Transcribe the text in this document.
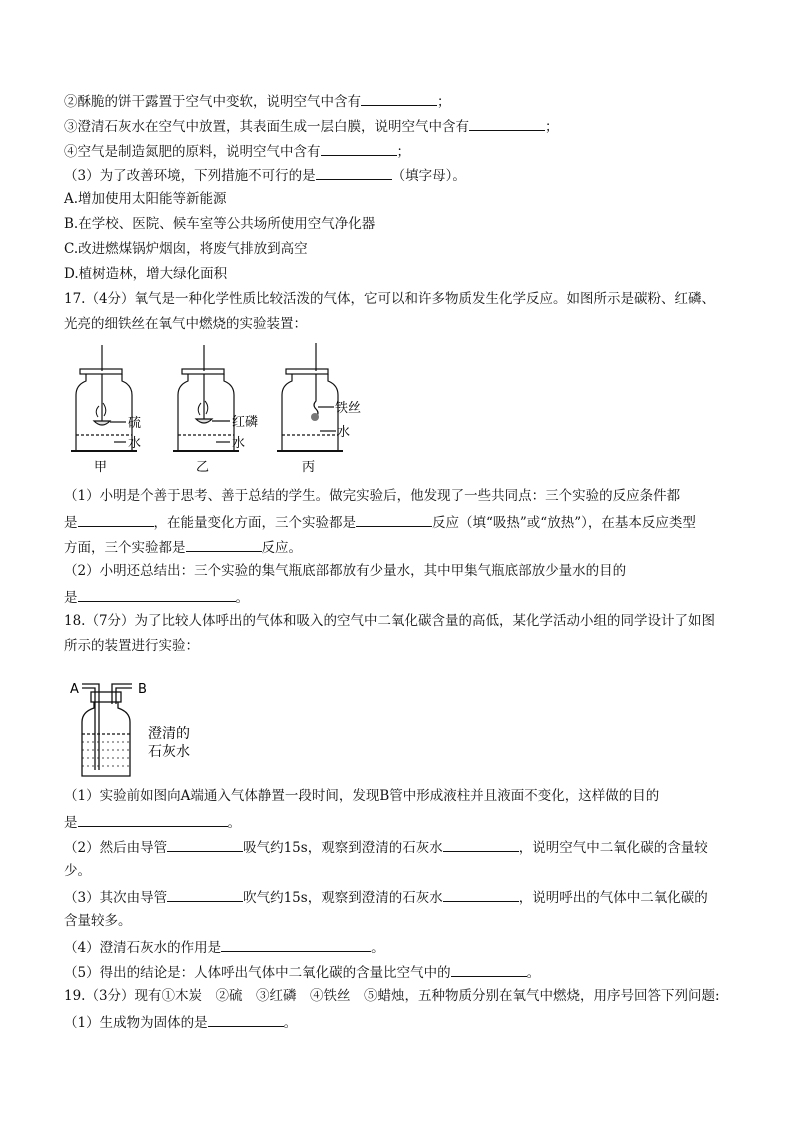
②酥脆的饼干露置于空气中变软，说明空气中含有	；
③澄清石灰水在空气中放置，其表面生成一层白膜，说明空气中含有	；
④空气是制造氮肥的原料，说明空气中含有	；
（3）为了改善环境，下列措施不可行的是	（填字母）。
A.增加使用太阳能等新能源
B.在学校、医院、候车室等公共场所使用空气净化器
C.改进燃煤锅炉烟囱，将废气排放到高空
D.植树造林，增大绿化面积
17.（4分）氧气是一种化学性质比较活泼的气体，它可以和许多物质发生化学反应。如图所示是碳粉、红磷、
光亮的细铁丝在氧气中燃烧的实验装置：
硫
水
甲
红磷
水
乙
铁丝
水
丙
（1）小明是个善于思考、善于总结的学生。做完实验后，他发现了一些共同点：三个实验的反应条件都
是	，在能量变化方面，三个实验都是	反应（填“吸热”或“放热”），在基本反应类型
方面，三个实验都是	反应。
（2）小明还总结出：三个实验的集气瓶底部都放有少量水，其中甲集气瓶底部放少量水的目的
是	。
18.（7分）为了比较人体呼出的气体和吸入的空气中二氧化碳含量的高低，某化学活动小组的同学设计了如图
所示的装置进行实验：
A	B
澄清的
石灰水
（1）实验前如图向A端通入气体静置一段时间，发现B管中形成液柱并且液面不变化，这样做的目的
是	。
（2）然后由导管	吸气约15s，观察到澄清的石灰水	，说明空气中二氧化碳的含量较
少。
（3）其次由导管	吹气约15s，观察到澄清的石灰水	，说明呼出的气体中二氧化碳的
含量较多。
（4）澄清石灰水的作用是	。
（5）得出的结论是：人体呼出气体中二氧化碳的含量比空气中的	。
19.（3分）现有①木炭　②硫　③红磷　④铁丝　⑤蜡烛，五种物质分别在氧气中燃烧，用序号回答下列问题:
（1）生成物为固体的是	。
